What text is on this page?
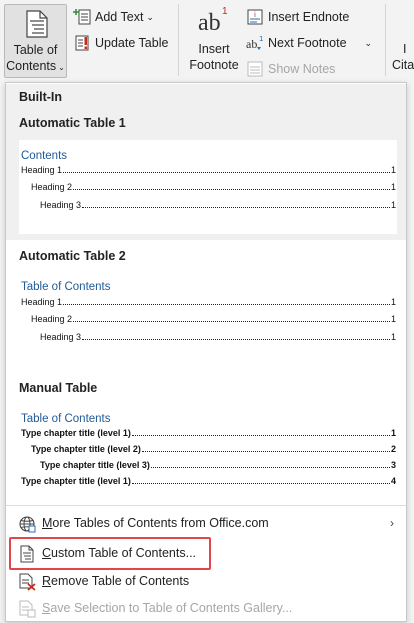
Table of
Contents ⌄
Add Text ⌄
Update Table
ab 1
Insert
Footnote
i Insert Endnote
ab 1 Next Footnote ⌄
Show Notes
I
Cita
Built-In
Automatic Table 1
Contents
Heading 1	1
Heading 2	1
Heading 3	1
Automatic Table 2
Table of Contents
Heading 1	1
Heading 2	1
Heading 3	1
Manual Table
Table of Contents
Type chapter title (level 1)	1
Type chapter title (level 2)	2
Type chapter title (level 3)	3
Type chapter title (level 1)	4
More Tables of Contents from Office.com	›
Custom Table of Contents...
Remove Table of Contents
Save Selection to Table of Contents Gallery...
